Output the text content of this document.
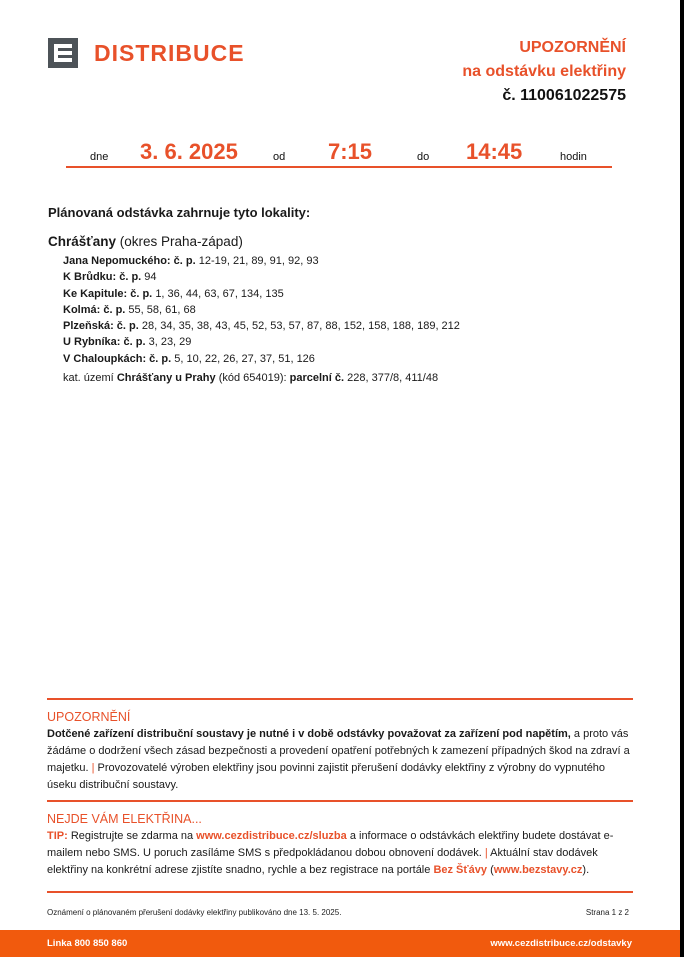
DISTRIBUCE	UPOZORNĚNÍ
na odstávku elektřiny
č. 110061022575
dne 3. 6. 2025	od 7:15	do 14:45	hodin
Plánovaná odstávka zahrnuje tyto lokality:
Chrášťany (okres Praha-západ)
Jana Nepomuckého: č. p. 12-19, 21, 89, 91, 92, 93
K Brůdku: č. p. 94
Ke Kapitule: č. p. 1, 36, 44, 63, 67, 134, 135
Kolmá: č. p. 55, 58, 61, 68
Plzeňská: č. p. 28, 34, 35, 38, 43, 45, 52, 53, 57, 87, 88, 152, 158, 188, 189, 212
U Rybníka: č. p. 3, 23, 29
V Chaloupkách: č. p. 5, 10, 22, 26, 27, 37, 51, 126
kat. území Chrášťany u Prahy (kód 654019): parcelní č. 228, 377/8, 411/48
UPOZORNĚNÍ
Dotčené zařízení distribuční soustavy je nutné i v době odstávky považovat za zařízení pod napětím, a proto vás žádáme o dodržení všech zásad bezpečnosti a provedení opatření potřebných k zamezení případných škod na zdraví a majetku. | Provozovatelé výroben elektřiny jsou povinni zajistit přerušení dodávky elektřiny z výrobny do vypnutého úseku distribuční soustavy.
NEJDE VÁM ELEKTŘINA...
TIP: Registrujte se zdarma na www.cezdistribuce.cz/sluzba a informace o odstávkách elektřiny budete dostávat e-mailem nebo SMS. U poruch zasíláme SMS s předpokládanou dobou obnovení dodávek. | Aktuální stav dodávek elektřiny na konkrétní adrese zjistíte snadno, rychle a bez registrace na portále Bez Šťávy (www.bezstavy.cz).
Oznámení o plánovaném přerušení dodávky elektřiny publikováno dne 13. 5. 2025.	Strana 1 z 2
Linka 800 850 860	www.cezdistribuce.cz/odstavky
